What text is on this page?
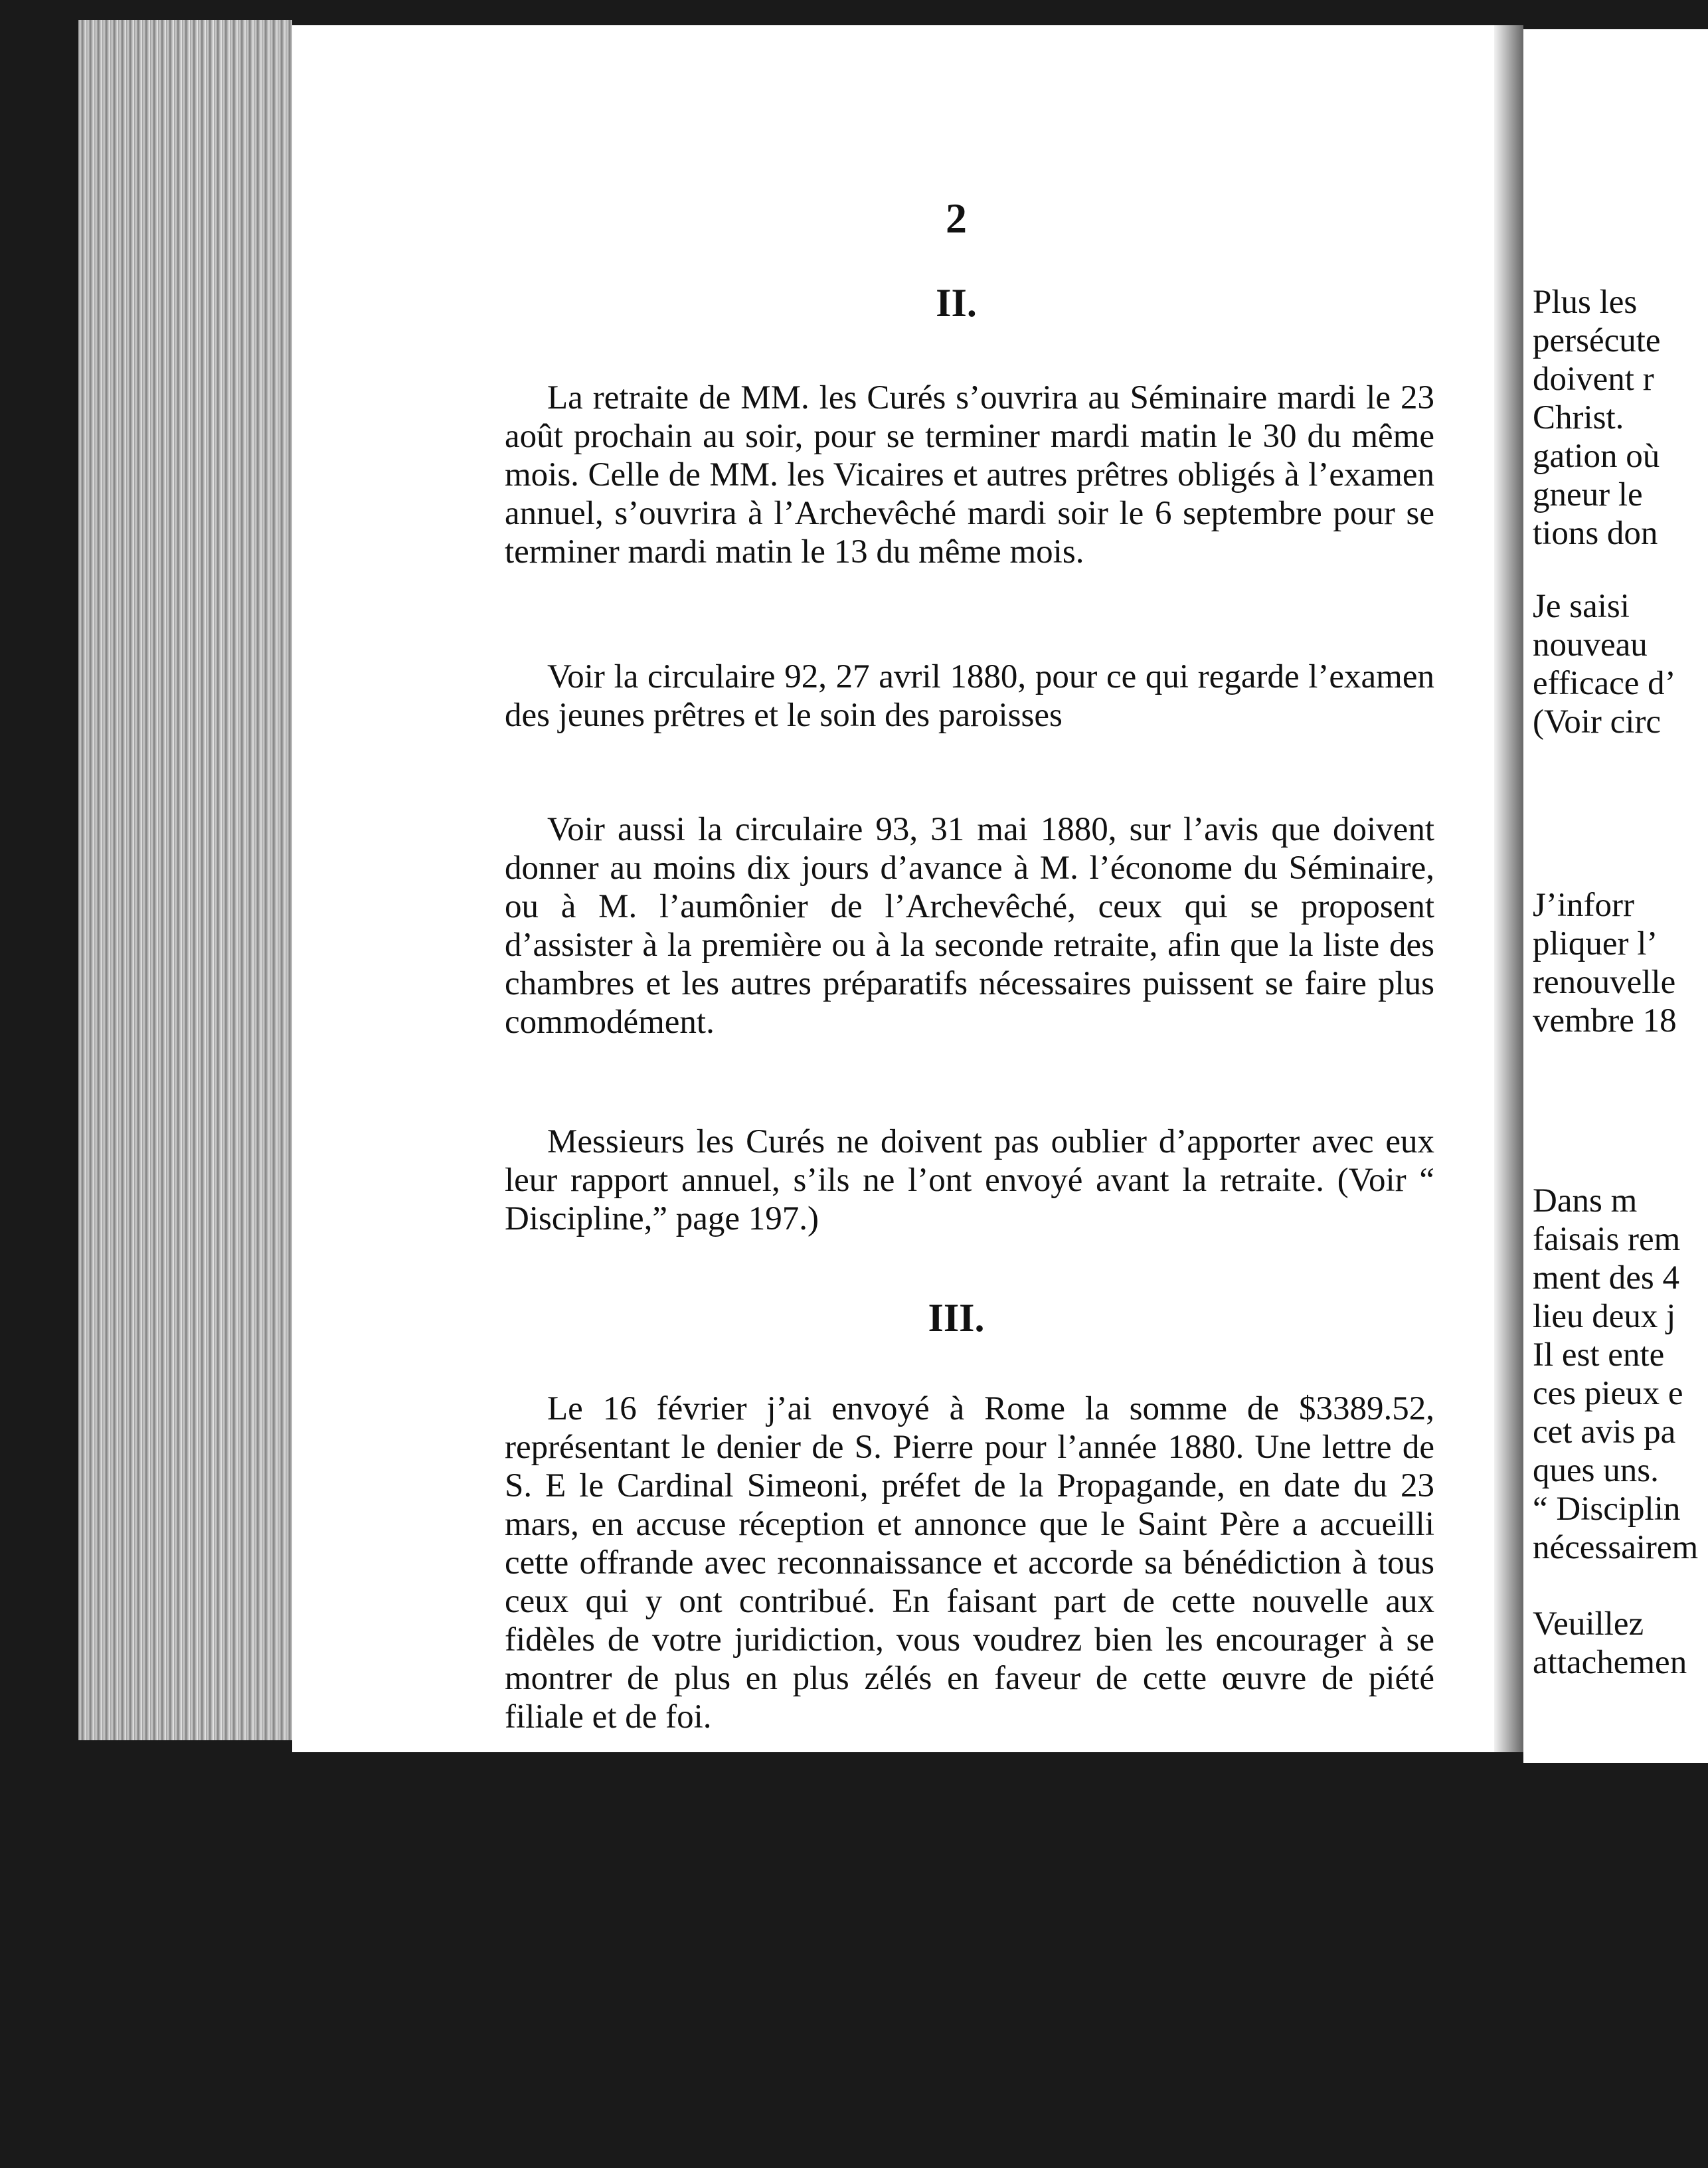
2
II.

La retraite de MM. les Curés s’ouvrira au Séminaire mardi le 23 août prochain au soir, pour se terminer mardi matin le 30 du même mois. Celle de MM. les Vicaires et autres prêtres obligés à l’examen annuel, s’ouvrira à l’Archevêché mardi soir le 6 septembre pour se terminer mardi matin le 13 du même mois.

Voir la circulaire 92, 27 avril 1880, pour ce qui regarde l’examen des jeunes prêtres et le soin des paroisses

Voir aussi la circulaire 93, 31 mai 1880, sur l’avis que doivent donner au moins dix jours d’avance à M. l’économe du Séminaire, ou à M. l’aumônier de l’Archevêché, ceux qui se proposent d’assister à la première ou à la seconde retraite, afin que la liste des chambres et les autres préparatifs nécessaires puissent se faire plus commodément.

Messieurs les Curés ne doivent pas oublier d’apporter avec eux leur rapport annuel, s’ils ne l’ont envoyé avant la retraite. (Voir “ Discipline,” page 197.)

III.

Le 16 février j’ai envoyé à Rome la somme de $3389.52, représentant le denier de S. Pierre pour l’année 1880. Une lettre de S. E le Cardinal Simeoni, préfet de la Propagande, en date du 23 mars, en accuse réception et annonce que le Saint Père a accueilli cette offrande avec reconnaissance et accorde sa bénédiction à tous ceux qui y ont contribué. En faisant part de cette nouvelle aux fidèles de votre juridiction, vous voudrez bien les encourager à se montrer de plus en plus zélés en faveur de cette œuvre de piété filiale et de foi.

Plus les
persécute
doivent r
Christ.
gation où
gneur le
tions don
Je saisi
nouveau
efficace d’
(Voir circ
J’inforr
pliquer l’
renouvelle
vembre 18
Dans m
faisais rem
ment des 4
lieu deux j
Il est ente
ces pieux e
cet avis pa
ques uns.
“ Disciplin
nécessairem
Veuillez
attachemen
